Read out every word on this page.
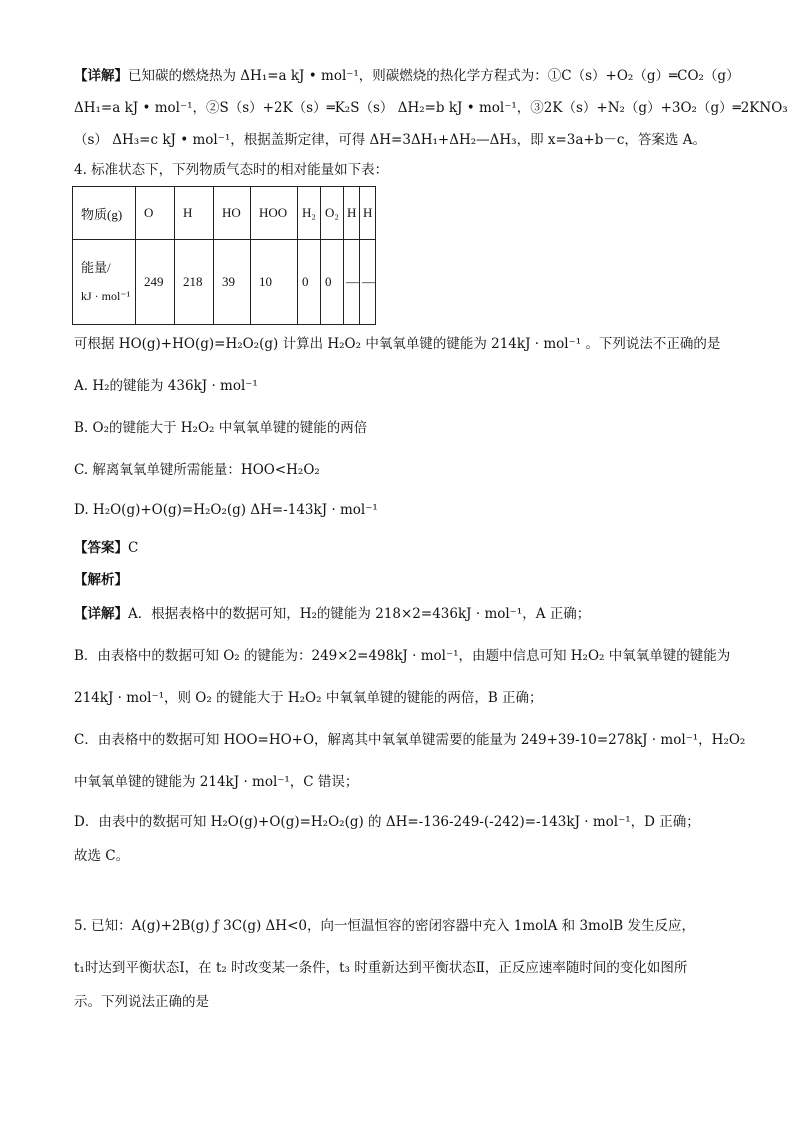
【详解】已知碳的燃烧热为 ΔH₁=a kJ • mol⁻¹，则碳燃烧的热化学方程式为：①C（s）+O₂（g）═CO₂（g）
ΔH₁=a kJ • mol⁻¹，②S（s）+2K（s）═K₂S（s） ΔH₂=b kJ • mol⁻¹，③2K（s）+N₂（g）+3O₂（g）═2KNO₃
（s） ΔH₃=c kJ • mol⁻¹，根据盖斯定律，可得 ΔH=3ΔH₁+ΔH₂—ΔH₃，即 x=3a+b－c，答案选 A。
4. 标准状态下，下列物质气态时的相对能量如下表：
物质(g)	O	H	HO	HOO	H₂	O₂	H	H

能量/
kJ · mol⁻¹	249	218	39	10	0	0	—	—
可根据 HO(g)+HO(g)=H₂O₂(g) 计算出 H₂O₂ 中氧氧单键的键能为 214kJ · mol⁻¹ 。下列说法不正确的是
A. H₂的键能为 436kJ · mol⁻¹
B. O₂的键能大于 H₂O₂ 中氧氧单键的键能的两倍
C. 解离氧氧单键所需能量：HOO<H₂O₂
D. H₂O(g)+O(g)=H₂O₂(g) ΔH=-143kJ · mol⁻¹
【答案】C
【解析】
【详解】A．根据表格中的数据可知，H₂的键能为 218×2=436kJ · mol⁻¹，A 正确；
B．由表格中的数据可知 O₂ 的键能为：249×2=498kJ · mol⁻¹，由题中信息可知 H₂O₂ 中氧氧单键的键能为
214kJ · mol⁻¹，则 O₂ 的键能大于 H₂O₂ 中氧氧单键的键能的两倍，B 正确；
C．由表格中的数据可知 HOO=HO+O，解离其中氧氧单键需要的能量为 249+39-10=278kJ · mol⁻¹，H₂O₂
中氧氧单键的键能为 214kJ · mol⁻¹，C 错误；
D．由表中的数据可知 H₂O(g)+O(g)=H₂O₂(g) 的 ΔH=-136-249-(-242)=-143kJ · mol⁻¹，D 正确；
故选 C。
5. 已知：A(g)+2B(g) ƒ 3C(g) ΔH<0，向一恒温恒容的密闭容器中充入 1molA 和 3molB 发生反应，
t₁时达到平衡状态Ⅰ，在 t₂ 时改变某一条件，t₃ 时重新达到平衡状态Ⅱ，正反应速率随时间的变化如图所
示。下列说法正确的是
